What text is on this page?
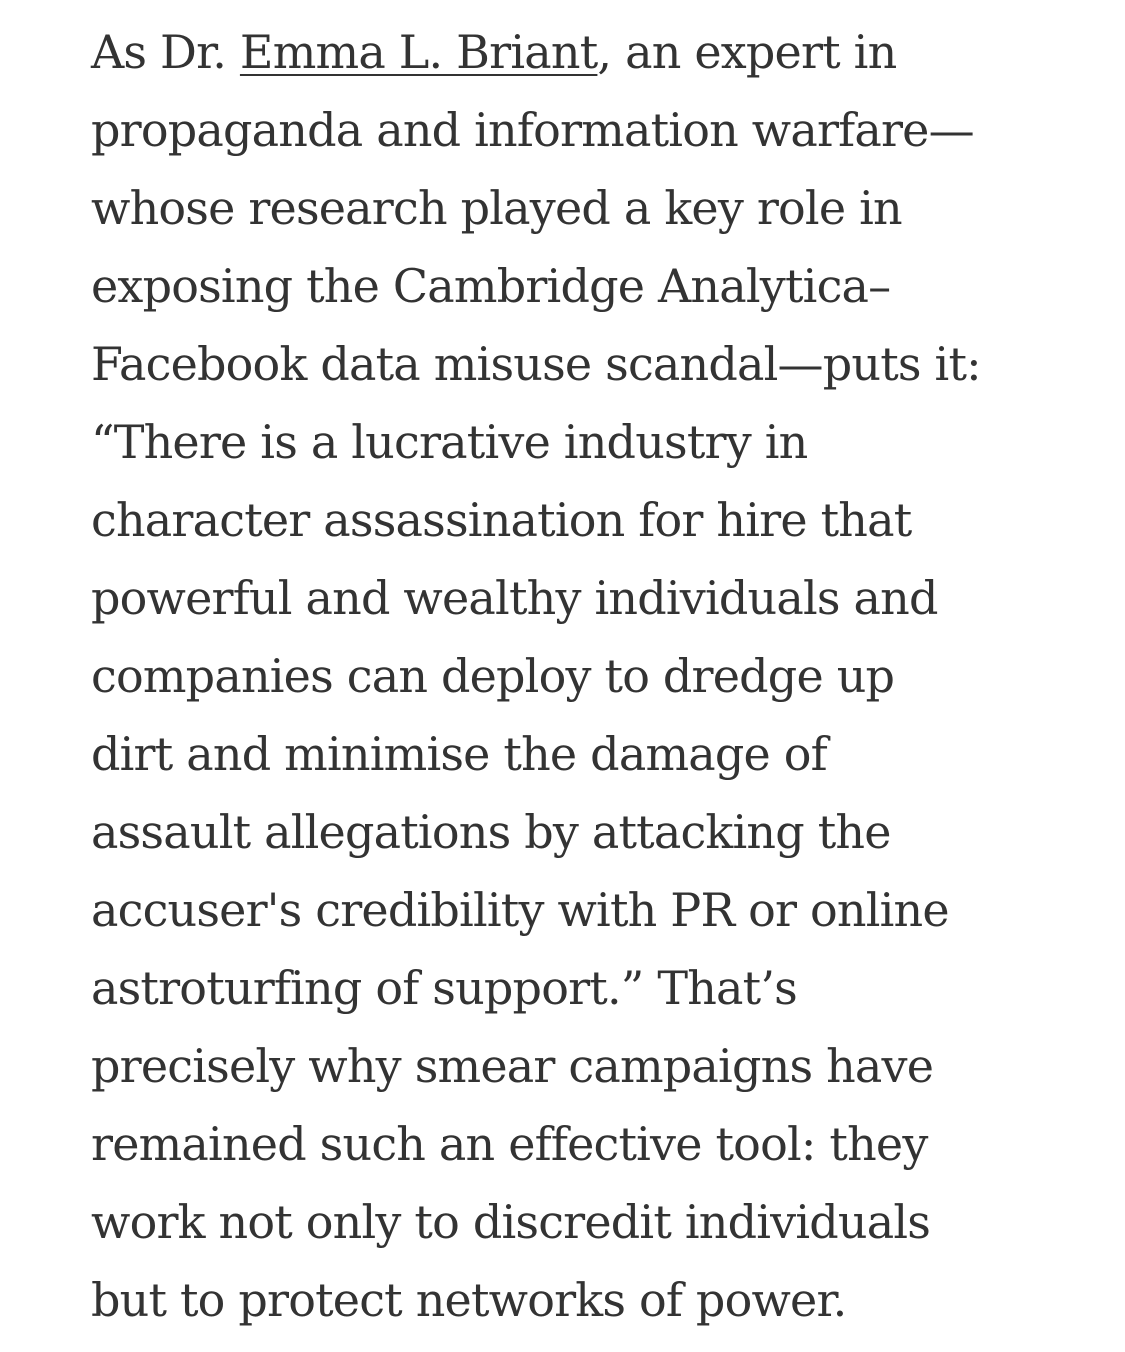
As Dr. Emma L. Briant, an expert in
propaganda and information warfare—
whose research played a key role in
exposing the Cambridge Analytica–
Facebook data misuse scandal—puts it:
“There is a lucrative industry in
character assassination for hire that
powerful and wealthy individuals and
companies can deploy to dredge up
dirt and minimise the damage of
assault allegations by attacking the
accuser's credibility with PR or online
astroturfing of support.” That’s
precisely why smear campaigns have
remained such an effective tool: they
work not only to discredit individuals
but to protect networks of power.
